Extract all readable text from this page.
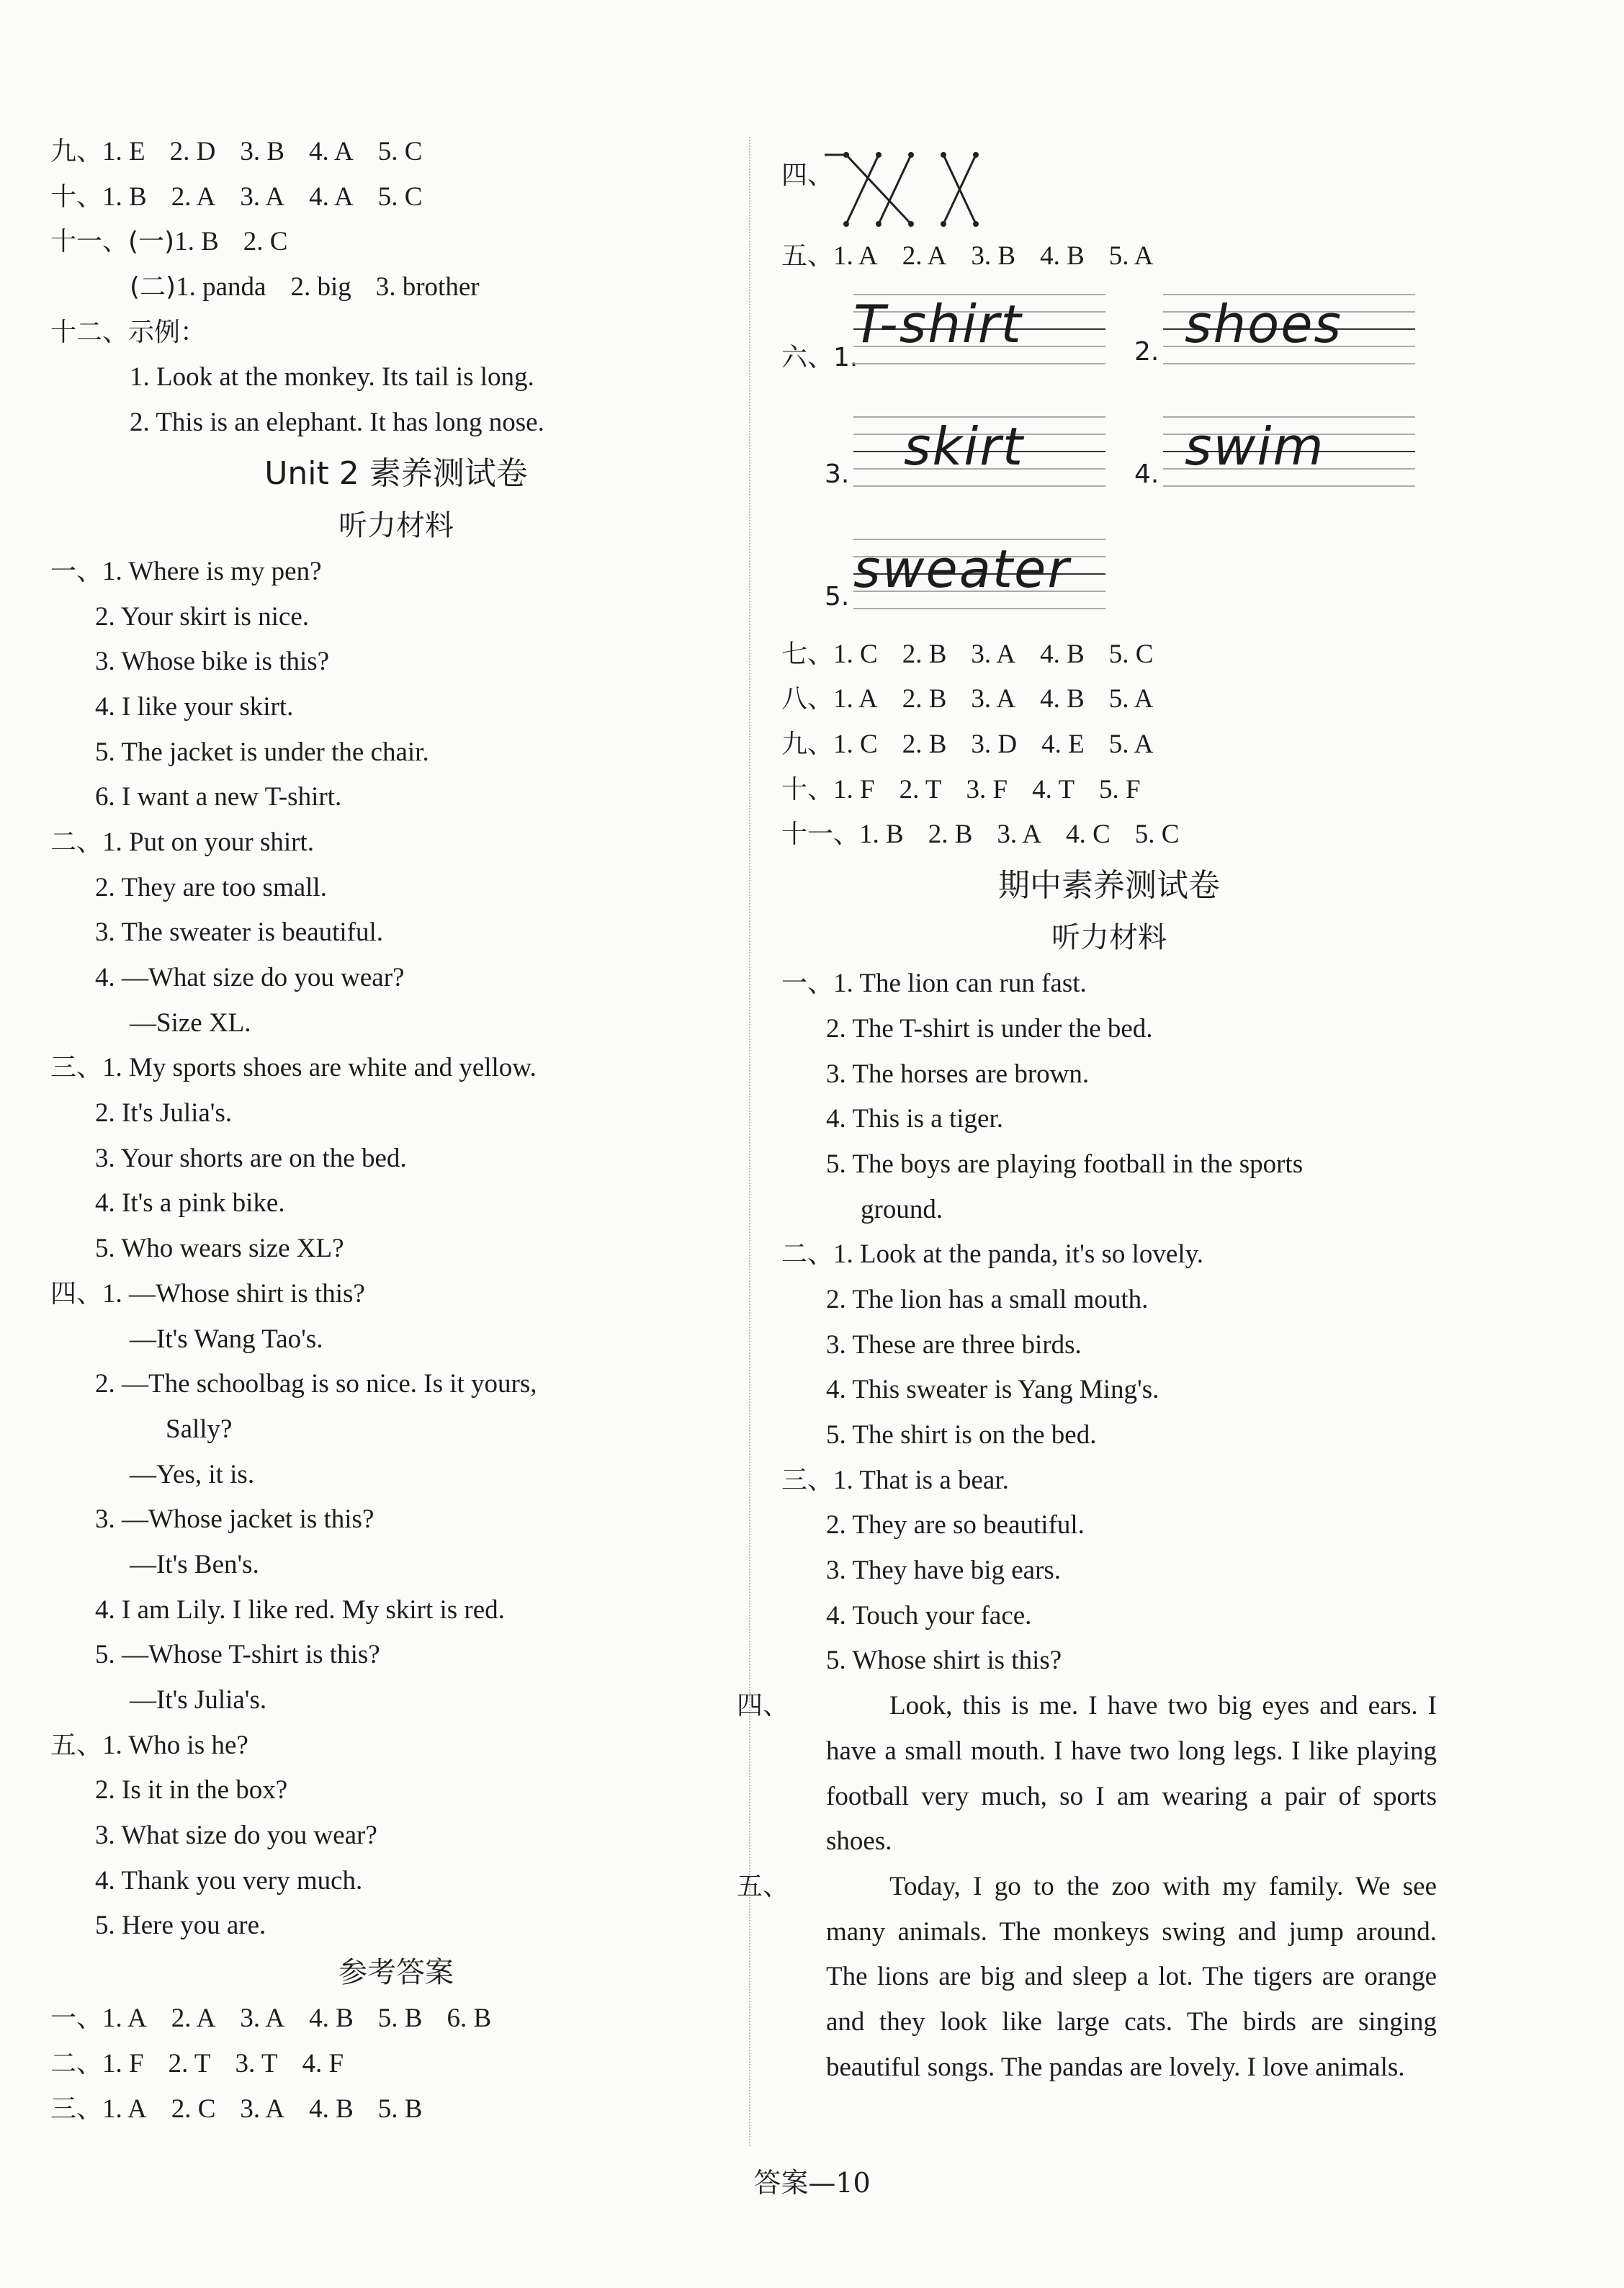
九、1. E 2. D 3. B 4. A 5. C
十、1. B 2. A 3. A 4. A 5. C
十一、(一)1. B 2. C
(二)1. panda 2. big 3. brother
十二、示例：
1. Look at the monkey. Its tail is long.
2. This is an elephant. It has long nose.
Unit 2 素养测试卷
听力材料
一、1. Where is my pen?
2. Your skirt is nice.
3. Whose bike is this?
4. I like your skirt.
5. The jacket is under the chair.
6. I want a new T-shirt.
二、1. Put on your shirt.
2. They are too small.
3. The sweater is beautiful.
4. —What size do you wear?
—Size XL.
三、1. My sports shoes are white and yellow.
2. It's Julia's.
3. Your shorts are on the bed.
4. It's a pink bike.
5. Who wears size XL?
四、1. —Whose shirt is this?
—It's Wang Tao's.
2. —The schoolbag is so nice. Is it yours,
Sally?
—Yes, it is.
3. —Whose jacket is this?
—It's Ben's.
4. I am Lily. I like red. My skirt is red.
5. —Whose T-shirt is this?
—It's Julia's.
五、1. Who is he?
2. Is it in the box?
3. What size do you wear?
4. Thank you very much.
5. Here you are.
参考答案
一、1. A 2. A 3. A 4. B 5. B 6. B
二、1. F 2. T 3. T 4. F
三、1. A 2. C 3. A 4. B 5. B
四、
五、1. A 2. A 3. B 4. B 5. A
六、1.
T-shirt	2. shoes
3. skirt	4. swim
5. sweater
七、1. C 2. B 3. A 4. B 5. C
八、1. A 2. B 3. A 4. B 5. A
九、1. C 2. B 3. D 4. E 5. A
十、1. F 2. T 3. F 4. T 5. F
十一、1. B 2. B 3. A 4. C 5. C
期中素养测试卷
听力材料
一、1. The lion can run fast.
2. The T-shirt is under the bed.
3. The horses are brown.
4. This is a tiger.
5. The boys are playing football in the sports
ground.
二、1. Look at the panda, it's so lovely.
2. The lion has a small mouth.
3. These are three birds.
4. This sweater is Yang Ming's.
5. The shirt is on the bed.
三、1. That is a bear.
2. They are so beautiful.
3. They have big ears.
4. Touch your face.
5. Whose shirt is this?
四、	Look, this is me. I have two big eyes and ears. I have a small mouth. I have two long legs. I like playing football very much, so I am wearing a pair of sports shoes.
五、	Today, I go to the zoo with my family. We see many animals. The monkeys swing and jump around. The lions are big and sleep a lot. The tigers are orange and they look like large cats. The birds are singing beautiful songs. The pandas are lovely. I love animals.
答案—10
